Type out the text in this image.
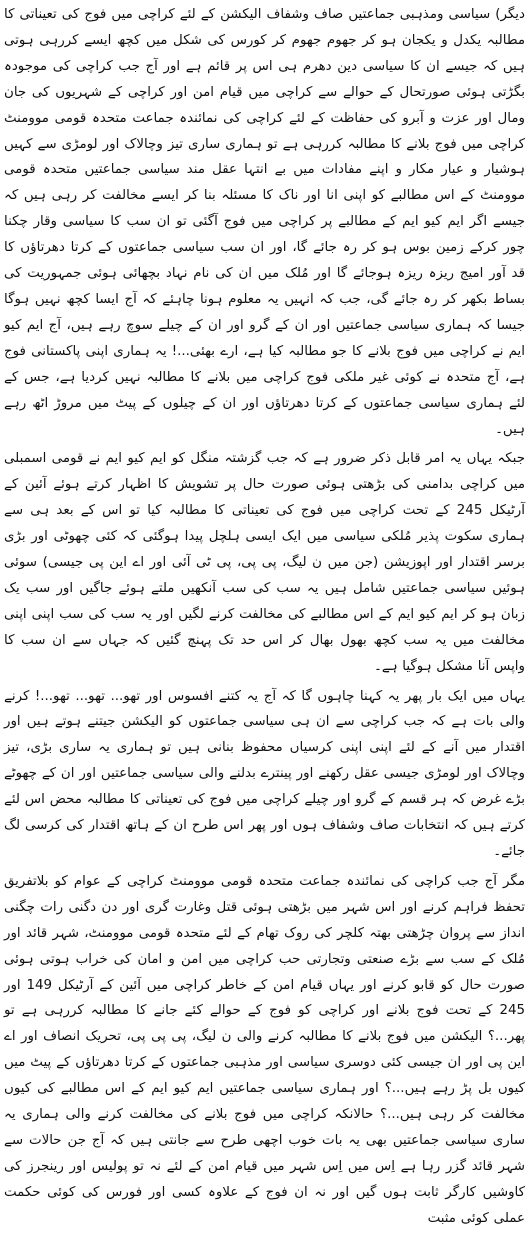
دیگر) سیاسی ومذہبی جماعتیں صاف وشفاف الیکشن کے لئے کراچی میں فوج کی تعیناتی کا مطالبہ یکدل و یکجان ہو کر جھوم جھوم کر کورس کی شکل میں کچھ ایسے کررہی ہوتی ہیں کہ جیسے ان کا سیاسی دین دھرم ہی اس پر قائم ہے اور آج جب کراچی کی موجودہ بگڑتی ہوئی صورتحال کے حوالے سے کراچی میں قیام امن اور کراچی کے شہریوں کی جان ومال اور عزت و آبرو کی حفاظت کے لئے کراچی کی نمائندہ جماعت متحدہ قومی موومنٹ کراچی میں فوج بلانے کا مطالبہ کررہی ہے تو ہماری ساری تیز وچالاک اور لومڑی سے کہیں ہوشیار و عیار مکار و اپنے مفادات میں بے انتہا عقل مند سیاسی جماعتیں متحدہ قومی موومنٹ کے اس مطالبے کو اپنی انا اور ناک کا مسئلہ بنا کر ایسے مخالفت کر رہی ہیں کہ جیسے اگر ایم کیو ایم کے مطالبے پر کراچی میں فوج آگئی تو ان سب کا سیاسی وقار چکنا چور کرکے زمین بوس ہو کر رہ جائے گا، اور ان سب سیاسی جماعتوں کے کرتا دھرتاؤں کا قد آور امیج ریزہ ریزہ ہوجائے گا اور مُلک میں ان کی نام نہاد بچھائی ہوئی جمہوریت کی بساط بکھر کر رہ جائے گی، جب کہ انہیں یہ معلوم ہونا چاہئے کہ آج ایسا کچھ نہیں ہوگا جیسا کہ ہماری سیاسی جماعتیں اور ان کے گرو اور ان کے چیلے سوچ رہے ہیں، آج ایم کیو ایم نے کراچی میں فوج بلانے کا جو مطالبہ کیا ہے، ارے بھئی...! یہ ہماری اپنی پاکستانی فوج ہے، آج متحدہ نے کوئی غیر ملکی فوج کراچی میں بلانے کا مطالبہ نہیں کردیا ہے، جس کے لئے ہماری سیاسی جماعتوں کے کرتا دھرتاؤں اور ان کے چیلوں کے پیٹ میں مروڑ اٹھ رہے ہیں۔

جبکہ یہاں یہ امر قابل ذکر ضرور ہے کہ جب گزشتہ منگل کو ایم کیو ایم نے قومی اسمبلی میں کراچی بدامنی کی بڑھتی ہوئی صورت حال پر تشویش کا اظہار کرتے ہوئے آئین کے آرٹیکل 245 کے تحت کراچی میں فوج کی تعیناتی کا مطالبہ کیا تو اس کے بعد ہی سے ہماری سکوت پذیر مُلکی سیاسی میں ایک ایسی ہلچل پیدا ہوگئی کہ کئی چھوٹی اور بڑی برسر اقتدار اور اپوزیشن (جن میں ن لیگ، پی پی، پی ٹی آئی اور اے این پی جیسی) سوئی ہوئیں سیاسی جماعتیں شامل ہیں یہ سب کی سب آنکھیں ملتے ہوئے جاگیں اور سب یک زبان ہو کر ایم کیو ایم کے اس مطالبے کی مخالفت کرنے لگیں اور یہ سب کی سب اپنی اپنی مخالفت میں یہ سب کچھ بھول بھال کر اس حد تک پہنچ گئیں کہ جہاں سے ان سب کا واپس آنا مشکل ہوگیا ہے۔

یہاں میں ایک بار پھر یہ کہنا چاہوں گا کہ آج یہ کتنے افسوس اور تھو... تھو... تھو...! کرنے والی بات ہے کہ جب کراچی سے ان ہی سیاسی جماعتوں کو الیکشن جیتنے ہوتے ہیں اور اقتدار میں آنے کے لئے اپنی اپنی کرسیاں محفوظ بنانی ہیں تو ہماری یہ ساری بڑی، تیز وچالاک اور لومڑی جیسی عقل رکھنے اور پینترے بدلنے والی سیاسی جماعتیں اور ان کے چھوٹے بڑے غرض کہ ہر قسم کے گرو اور چیلے کراچی میں فوج کی تعیناتی کا مطالبہ محض اس لئے کرتے ہیں کہ انتخابات صاف وشفاف ہوں اور پھر اس طرح ان کے ہاتھ اقتدار کی کرسی لگ جائے۔

مگر آج جب کراچی کی نمائندہ جماعت متحدہ قومی موومنٹ کراچی کے عوام کو بلاتفریق تحفظ فراہم کرنے اور اس شہر میں بڑھتی ہوئی قتل وغارت گری اور دن دگنی رات چگنی انداز سے پروان چڑھتی بھتہ کلچر کی روک تھام کے لئے متحدہ قومی موومنٹ، شہر قائد اور مُلک کے سب سے بڑے صنعتی وتجارتی حب کراچی میں امن و امان کی خراب ہوتی ہوئی صورت حال کو قابو کرنے اور یہاں قیام امن کے خاطر کراچی میں آئین کے آرٹیکل 149 اور 245 کے تحت فوج بلانے اور کراچی کو فوج کے حوالے کئے جانے کا مطالبہ کررہی ہے تو پھر...؟ الیکشن میں فوج بلانے کا مطالبہ کرنے والی ن لیگ، پی پی پی، تحریک انصاف اور اے این پی اور ان جیسی کئی دوسری سیاسی اور مذہبی جماعتوں کے کرتا دھرتاؤں کے پیٹ میں کیوں بل پڑ رہے ہیں...؟ اور ہماری سیاسی جماعتیں ایم کیو ایم کے اس مطالبے کی کیوں مخالفت کر رہی ہیں...؟ حالانکہ کراچی میں فوج بلانے کی مخالفت کرنے والی ہماری یہ ساری سیاسی جماعتیں بھی یہ بات خوب اچھی طرح سے جانتی ہیں کہ آج جن حالات سے شہر قائد گزر رہا ہے اِس میں اِس شہر میں قیام امن کے لئے نہ تو پولیس اور رینجرز کی کاوشیں کارگر ثابت ہوں گیں اور نہ ان فوج کے علاوہ کسی اور فورس کی کوئی حکمت عملی کوئی مثبت
